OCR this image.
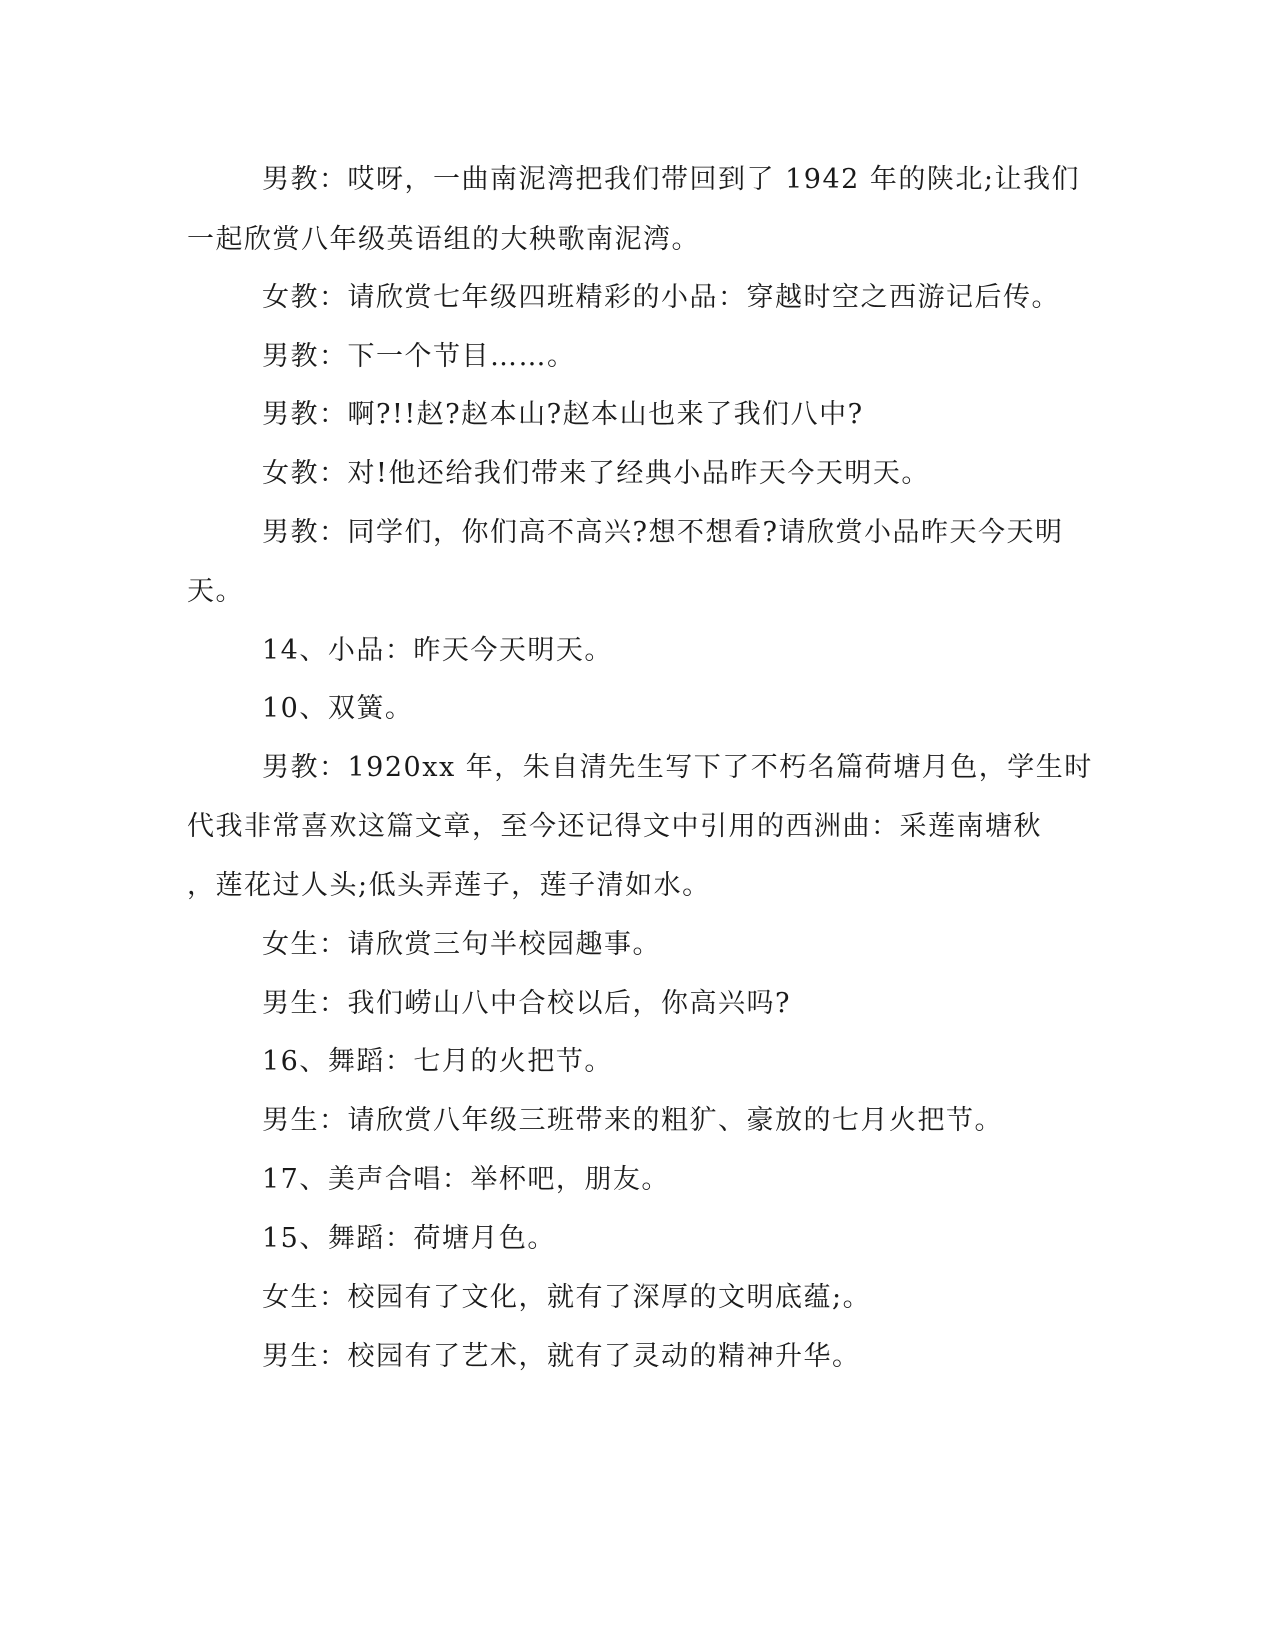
男教：哎呀，一曲南泥湾把我们带回到了 1942 年的陕北;让我们
一起欣赏八年级英语组的大秧歌南泥湾。
女教：请欣赏七年级四班精彩的小品：穿越时空之西游记后传。
男教：下一个节目……。
男教：啊?!!赵?赵本山?赵本山也来了我们八中?
女教：对!他还给我们带来了经典小品昨天今天明天。
男教：同学们，你们高不高兴?想不想看?请欣赏小品昨天今天明
天。
14、小品：昨天今天明天。
10、双簧。
男教：1920xx 年，朱自清先生写下了不朽名篇荷塘月色，学生时
代我非常喜欢这篇文章，至今还记得文中引用的西洲曲：采莲南塘秋
，莲花过人头;低头弄莲子，莲子清如水。
女生：请欣赏三句半校园趣事。
男生：我们崂山八中合校以后，你高兴吗?
16、舞蹈：七月的火把节。
男生：请欣赏八年级三班带来的粗犷、豪放的七月火把节。
17、美声合唱：举杯吧，朋友。
15、舞蹈：荷塘月色。
女生：校园有了文化，就有了深厚的文明底蕴;。
男生：校园有了艺术，就有了灵动的精神升华。
